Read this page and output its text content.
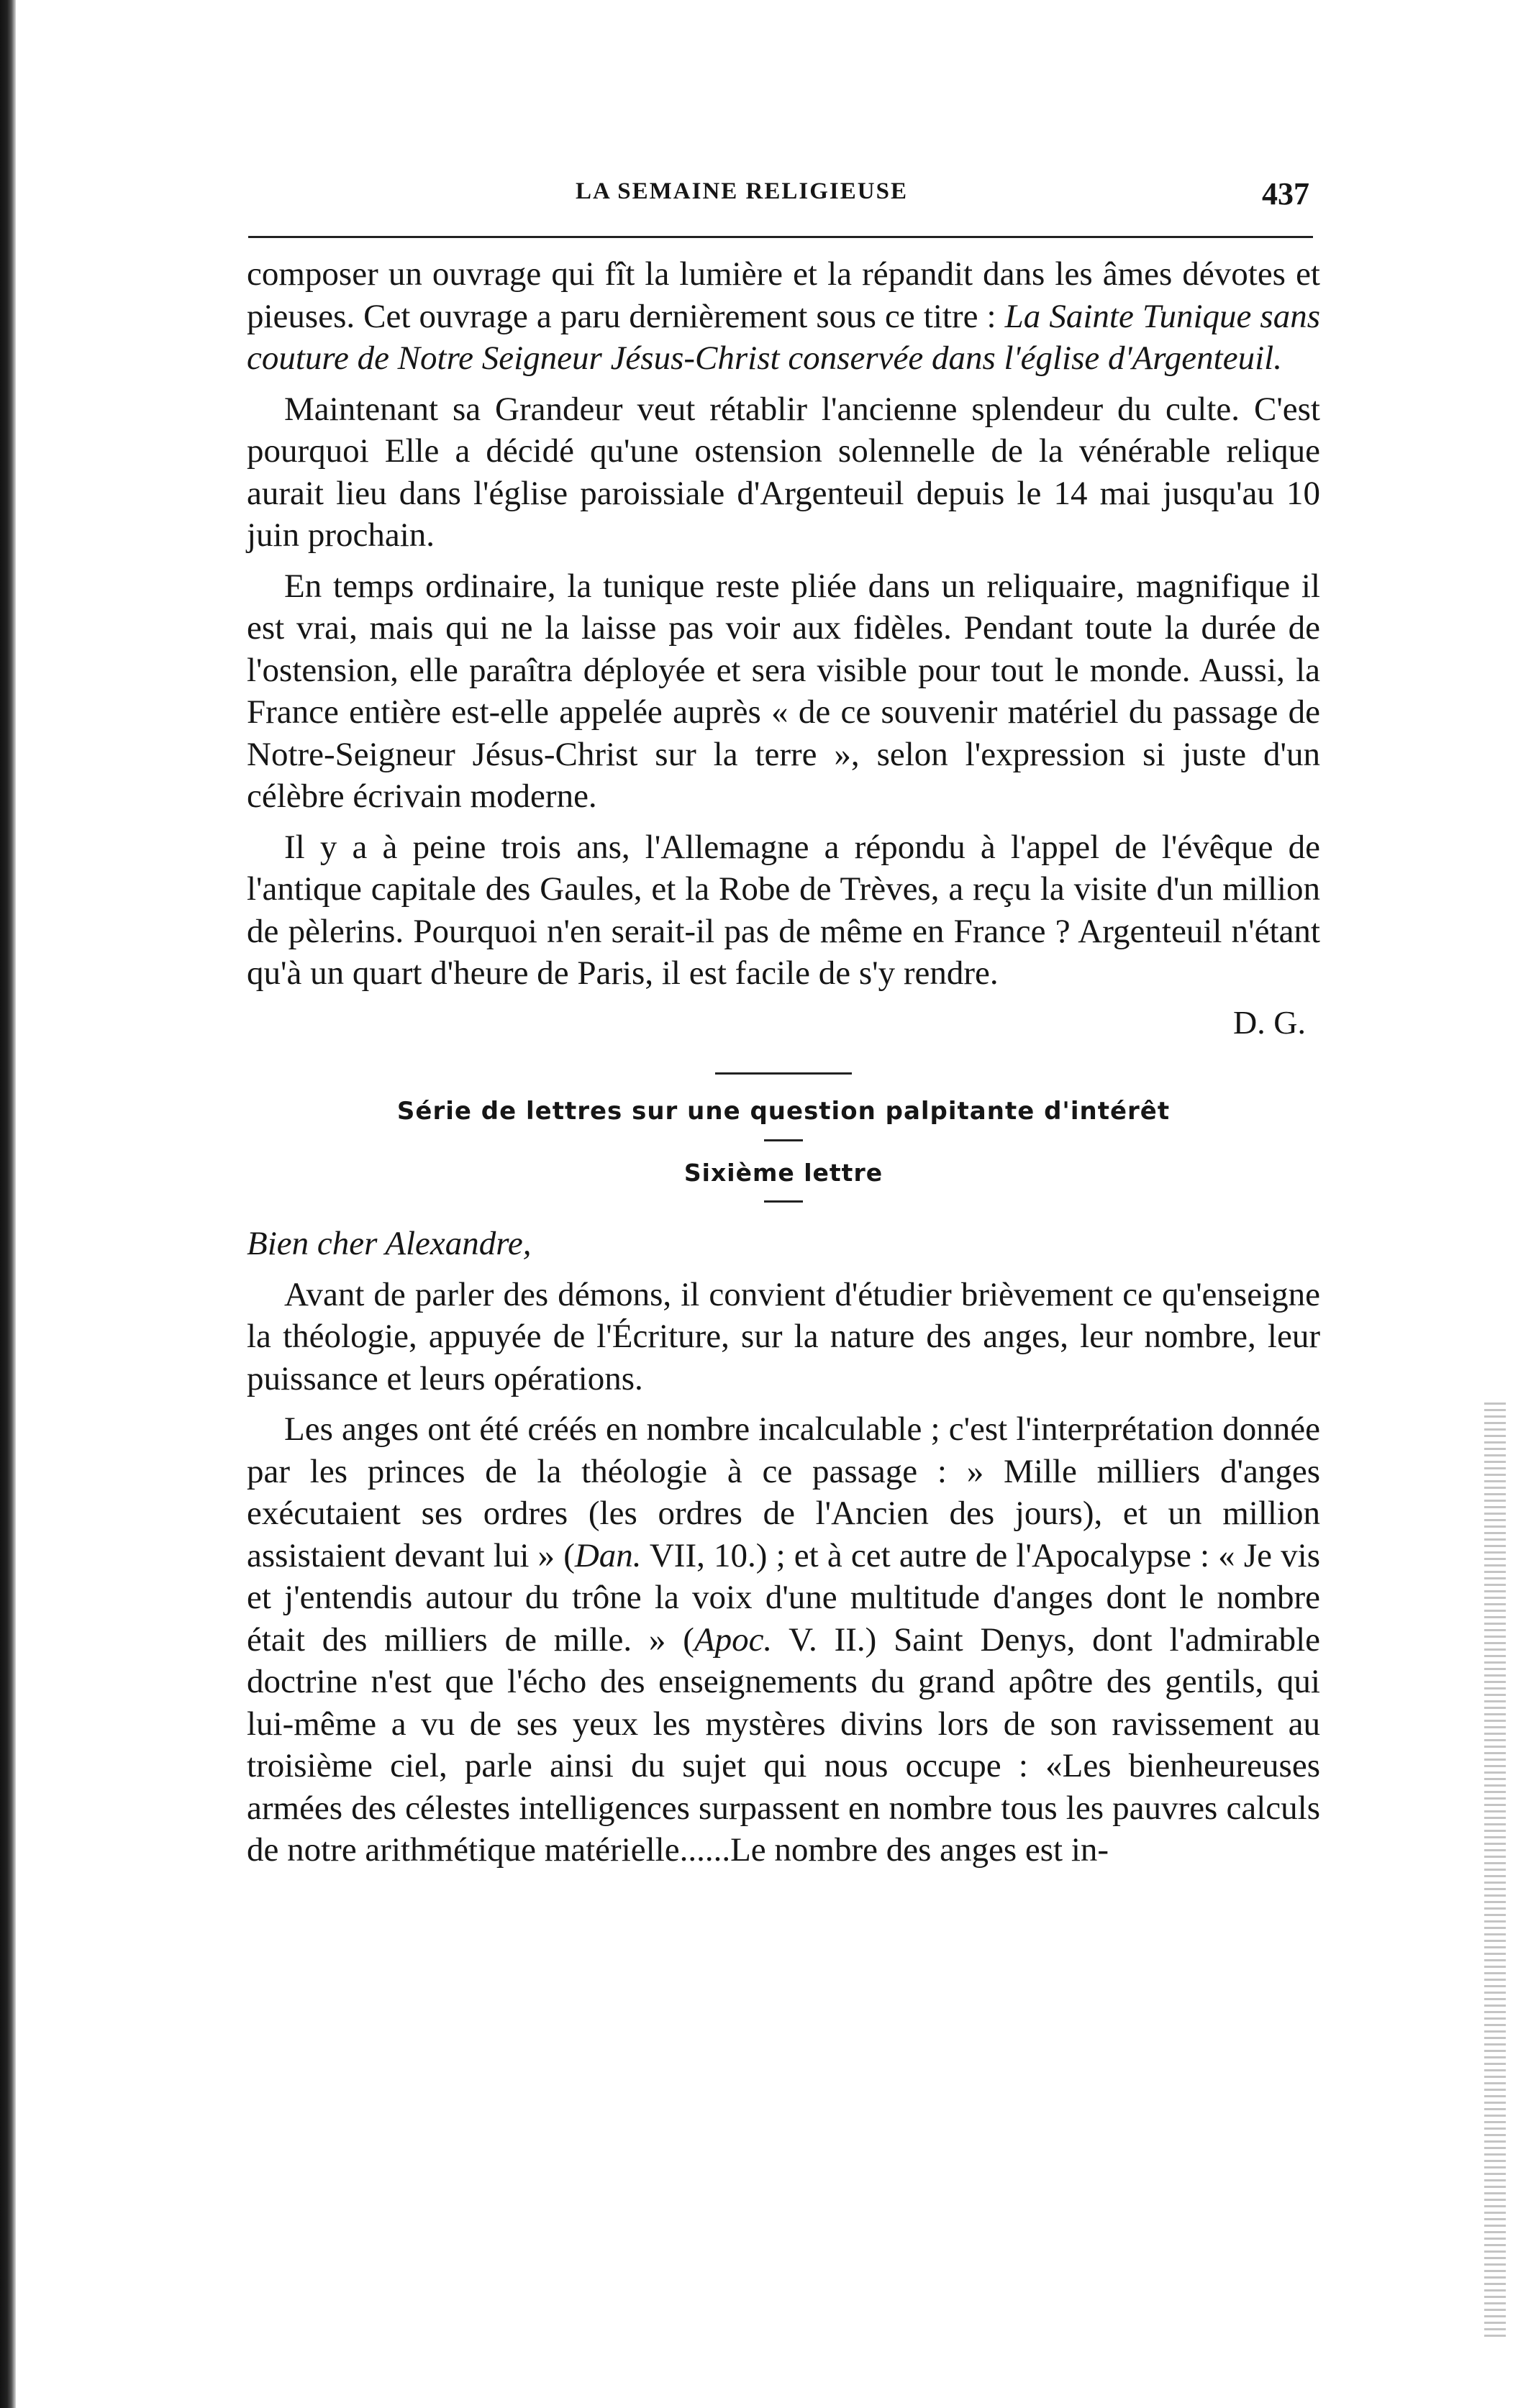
LA SEMAINE RELIGIEUSE	437

composer un ouvrage qui fît la lumière et la répandit dans les âmes dévotes et pieuses. Cet ouvrage a paru dernièrement sous ce titre : La Sainte Tunique sans couture de Notre Seigneur Jésus-Christ conservée dans l'église d'Argenteuil.

Maintenant sa Grandeur veut rétablir l'ancienne splendeur du culte. C'est pourquoi Elle a décidé qu'une ostension solennelle de la vénérable relique aurait lieu dans l'église paroissiale d'Argenteuil depuis le 14 mai jusqu'au 10 juin prochain.

En temps ordinaire, la tunique reste pliée dans un reliquaire, magnifique il est vrai, mais qui ne la laisse pas voir aux fidèles. Pendant toute la durée de l'ostension, elle paraîtra déployée et sera visible pour tout le monde. Aussi, la France entière est-elle appelée auprès « de ce souvenir matériel du passage de Notre-Seigneur Jésus-Christ sur la terre », selon l'expression si juste d'un célèbre écrivain moderne.

Il y a à peine trois ans, l'Allemagne a répondu à l'appel de l'évêque de l'antique capitale des Gaules, et la Robe de Trèves, a reçu la visite d'un million de pèlerins. Pourquoi n'en serait-il pas de même en France ? Argenteuil n'étant qu'à un quart d'heure de Paris, il est facile de s'y rendre.

D. G.
Série de lettres sur une question palpitante d'intérêt
Sixième lettre

Bien cher Alexandre,

Avant de parler des démons, il convient d'étudier brièvement ce qu'enseigne la théologie, appuyée de l'Écriture, sur la nature des anges, leur nombre, leur puissance et leurs opérations.

Les anges ont été créés en nombre incalculable ; c'est l'interprétation donnée par les princes de la théologie à ce passage : » Mille milliers d'anges exécutaient ses ordres (les ordres de l'Ancien des jours), et un million assistaient devant lui » (Dan. VII, 10.) ; et à cet autre de l'Apocalypse : « Je vis et j'entendis autour du trône la voix d'une multitude d'anges dont le nombre était des milliers de mille. » (Apoc. V. II.) Saint Denys, dont l'admirable doctrine n'est que l'écho des enseignements du grand apôtre des gentils, qui lui-même a vu de ses yeux les mystères divins lors de son ravissement au troisième ciel, parle ainsi du sujet qui nous occupe : «Les bienheureuses armées des célestes intelligences surpassent en nombre tous les pauvres calculs de notre arithmétique matérielle......Le nombre des anges est in-
